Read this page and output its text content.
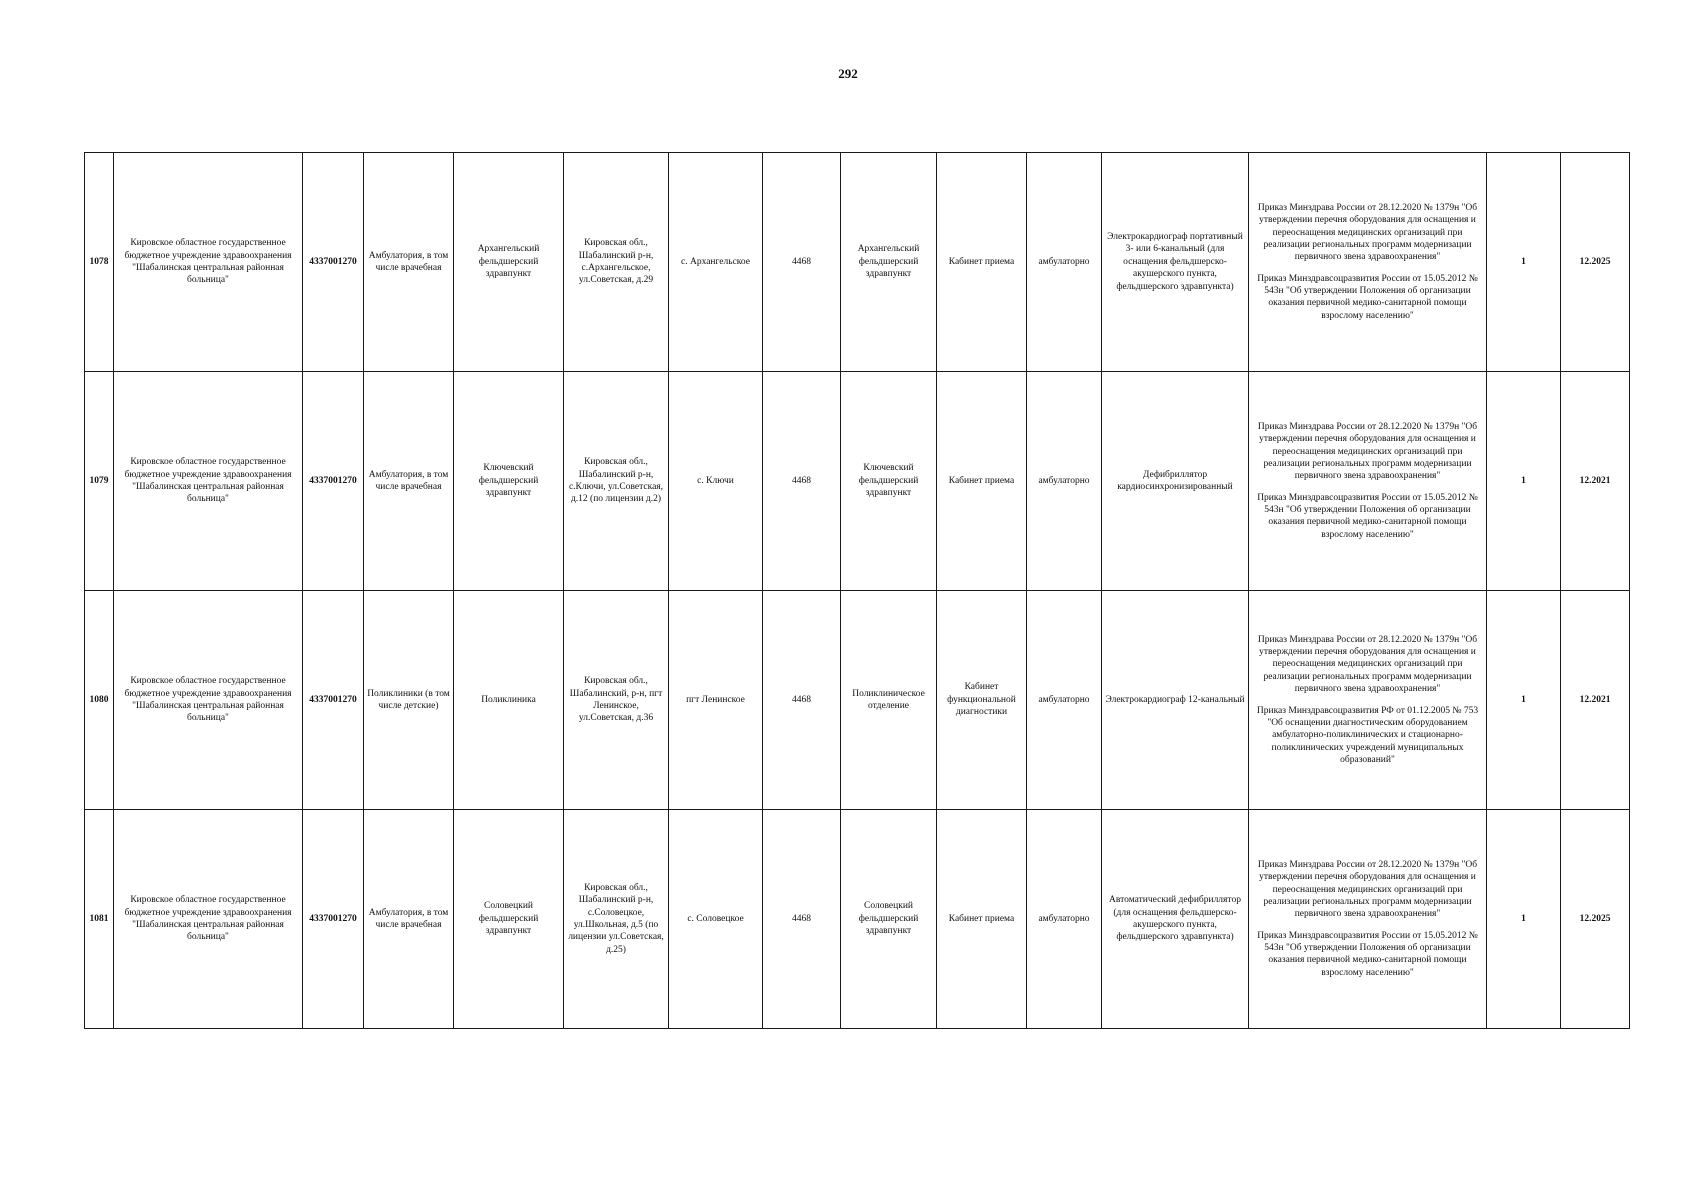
292
1078	Кировское областное государственное бюджетное учреждение здравоохранения "Шабалинская центральная районная больница"	4337001270	Амбулатория, в том числе врачебная	Архангельский фельдшерский здравпункт	Кировская обл., Шабалинский р-н, с.Архангельское, ул.Советская, д.29	с. Архангельское	4468	Архангельский фельдшерский здравпункт	Кабинет приема	амбулаторно	Электрокардиограф портативный 3- или 6-канальный (для оснащения фельдшерско-акушерского пункта, фельдшерского здравпункта)	Приказ Минздрава России от 28.12.2020 № 1379н "Об утверждении перечня оборудования для оснащения и переоснащения медицинских организаций при реализации региональных программ модернизации первичного звена здравоохранения"
Приказ Минздравсоцразвития России от 15.05.2012 № 543н "Об утверждении Положения об организации оказания первичной медико-санитарной помощи взрослому населению"	1	12.2025
1079	Кировское областное государственное бюджетное учреждение здравоохранения "Шабалинская центральная районная больница"	4337001270	Амбулатория, в том числе врачебная	Ключевский фельдшерский здравпункт	Кировская обл., Шабалинский р-н, с.Ключи, ул.Советская, д.12 (по лицензии д.2)	с. Ключи	4468	Ключевский фельдшерский здравпункт	Кабинет приема	амбулаторно	Дефибриллятор кардиосинхронизированный	Приказ Минздрава России от 28.12.2020 № 1379н "Об утверждении перечня оборудования для оснащения и переоснащения медицинских организаций при реализации региональных программ модернизации первичного звена здравоохранения"
Приказ Минздравсоцразвития России от 15.05.2012 № 543н "Об утверждении Положения об организации оказания первичной медико-санитарной помощи взрослому населению"	1	12.2021
1080	Кировское областное государственное бюджетное учреждение здравоохранения "Шабалинская центральная районная больница"	4337001270	Поликлиники (в том числе детские)	Поликлиника	Кировская обл., Шабалинский, р-н, пгт Ленинское, ул.Советская, д.36	пгт Ленинское	4468	Поликлиническое отделение	Кабинет функциональной диагностики	амбулаторно	Электрокардиограф 12-канальный	Приказ Минздрава России от 28.12.2020 № 1379н "Об утверждении перечня оборудования для оснащения и переоснащения медицинских организаций при реализации региональных программ модернизации первичного звена здравоохранения"
Приказ Минздравсоцразвития РФ от 01.12.2005 № 753 "Об оснащении диагностическим оборудованием амбулаторно-поликлинических и стационарно-поликлинических учреждений муниципальных образований"	1	12.2021
1081	Кировское областное государственное бюджетное учреждение здравоохранения "Шабалинская центральная районная больница"	4337001270	Амбулатория, в том числе врачебная	Соловецкий фельдшерский здравпункт	Кировская обл., Шабалинский р-н, с.Соловецкое, ул.Школьная, д.5 (по лицензии ул.Советская, д.25)	с. Соловецкое	4468	Соловецкий фельдшерский здравпункт	Кабинет приема	амбулаторно	Автоматический дефибриллятор (для оснащения фельдшерско-акушерского пункта, фельдшерского здравпункта)	Приказ Минздрава России от 28.12.2020 № 1379н "Об утверждении перечня оборудования для оснащения и переоснащения медицинских организаций при реализации региональных программ модернизации первичного звена здравоохранения"
Приказ Минздравсоцразвития России от 15.05.2012 № 543н "Об утверждении Положения об организации оказания первичной медико-санитарной помощи взрослому населению"	1	12.2025
